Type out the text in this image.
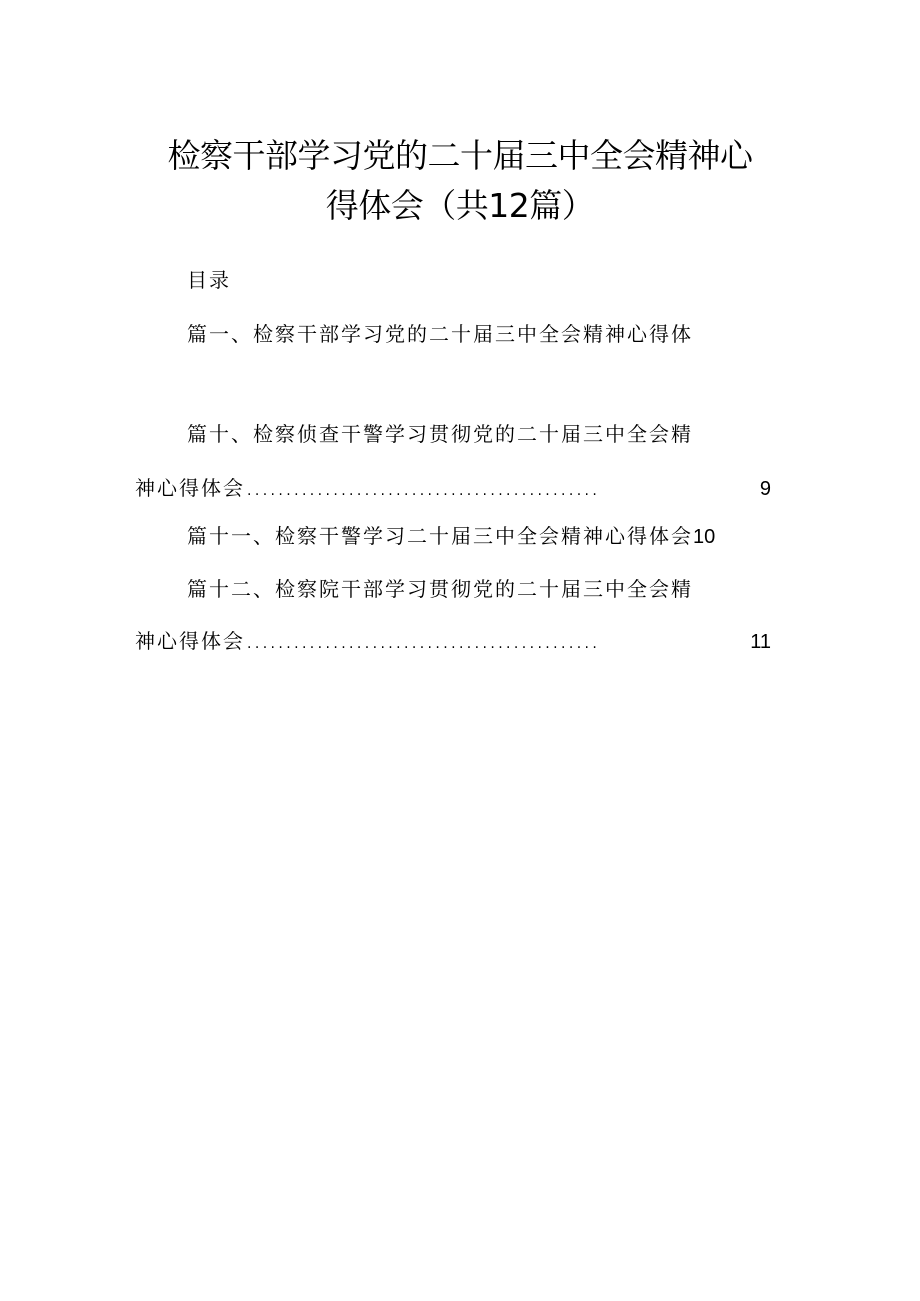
检察干部学习党的二十届三中全会精神心
得体会（共12篇）
目录
篇一、检察干部学习党的二十届三中全会精神心得体
篇十、检察侦查干警学习贯彻党的二十届三中全会精
神心得体会 .............................................	9
篇十一、检察干警学习二十届三中全会精神心得体会10
篇十二、检察院干部学习贯彻党的二十届三中全会精
神心得体会 .............................................	11
